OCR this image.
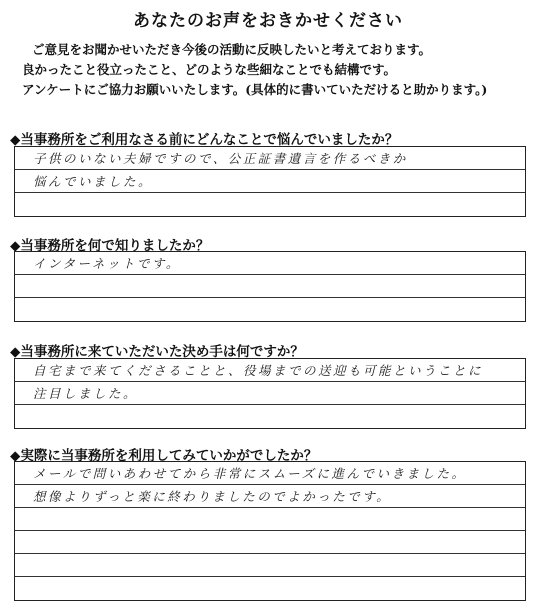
あなたのお声をおきかせください
ご意見をお聞かせいただき今後の活動に反映したいと考えております。
良かったこと役立ったこと、どのような些細なことでも結構です。
アンケートにご協力お願いいたします。(具体的に書いていただけると助かります。)
◆当事務所をご利用なさる前にどんなことで悩んでいましたか？
子供のいない夫婦ですので、公正証書遺言を作るべきか
悩んでいました。
◆当事務所を何で知りましたか？
インターネットです。
◆当事務所に来ていただいた決め手は何ですか？
自宅まで来てくださることと、役場までの送迎も可能ということに
注目しました。
◆実際に当事務所を利用してみていかがでしたか？
メールで問いあわせてから非常にスムーズに進んでいきました。
想像よりずっと楽に終わりましたのでよかったです。
